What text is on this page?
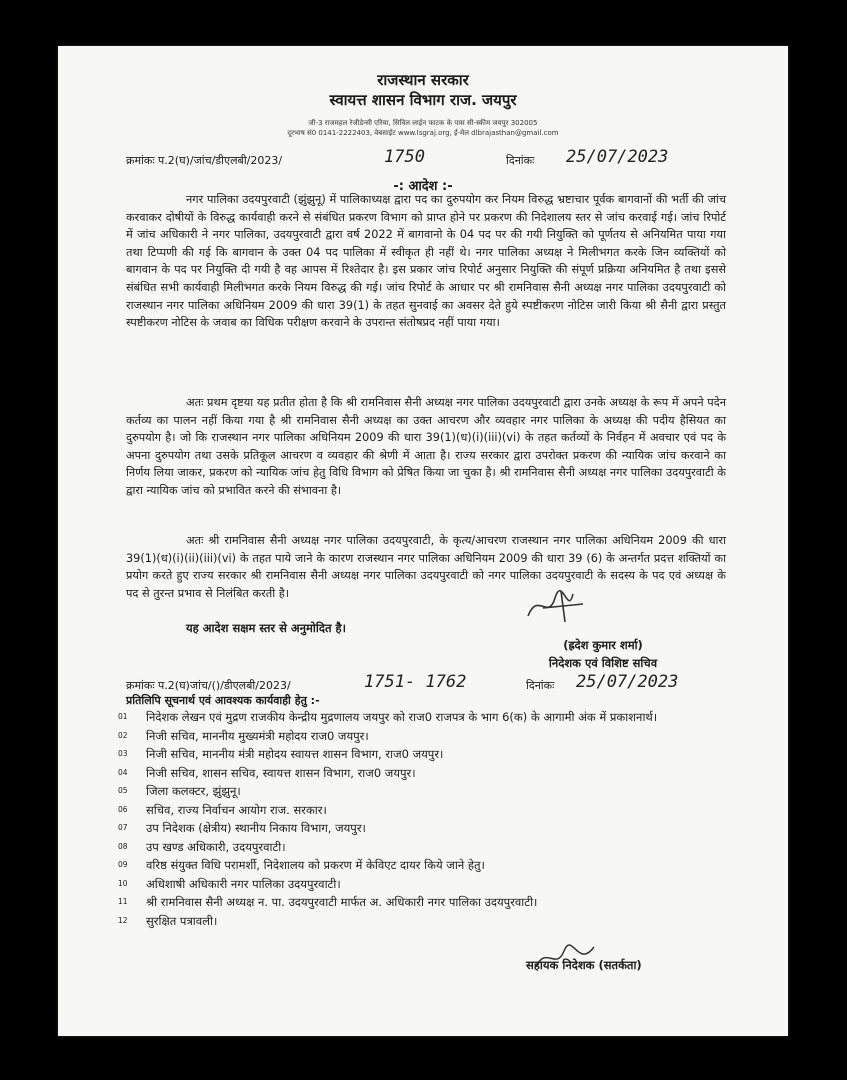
राजस्थान सरकार
स्वायत्त शासन विभाग राज. जयपुर
जी-3 राजमहल रेजीडेन्सी एरिया, सिविल लाईन फाटक के पास सी-स्कीम जयपुर 302005
दूरभाष सं0 0141-2222403, वेबसाईट www.lsgraj.org, ई-मेल dlbrajasthan@gmail.com
क्रमांकः प.2(घ)/जांच/डीएलबी/2023/	1750	दिनांकः 25/07/2023
-: आदेश :-
नगर पालिका उदयपुरवाटी (झुंझुनू) में पालिकाध्यक्ष द्वारा पद का दुरुपयोग कर नियम विरुद्ध भ्रष्टाचार पूर्वक बागवानों की भर्ती की जांच करवाकर दोषीयों के विरुद्ध कार्यवाही करने से संबंधित प्रकरण विभाग को प्राप्त होने पर प्रकरण की निदेशालय स्तर से जांच करवाई गई। जांच रिपोर्ट में जांच अधिकारी ने नगर पालिका, उदयपुरवाटी द्वारा वर्ष 2022 में बागवानो के 04 पद पर की गयी नियुक्ति को पूर्णतय से अनियमित पाया गया तथा टिप्पणी की गई कि बागवान के उक्त 04 पद पालिका में स्वीकृत ही नहीं थे। नगर पालिका अध्यक्ष ने मिलीभगत करके जिन व्यक्तियों को बागवान के पद पर नियुक्ति दी गयी है वह आपस में रिश्तेदार है। इस प्रकार जांच रिपोर्ट अनुसार नियुक्ति की संपूर्ण प्रक्रिया अनियमित है तथा इससे संबंधित सभी कार्यवाही मिलीभगत करके नियम विरुद्ध की गई। जांच रिपोर्ट के आधार पर श्री रामनिवास सैनी अध्यक्ष नगर पालिका उदयपुरवाटी को राजस्थान नगर पालिका अधिनियम 2009 की धारा 39(1) के तहत सुनवाई का अवसर देते हुये स्पष्टीकरण नोटिस जारी किया श्री सैनी द्वारा प्रस्तुत स्पष्टीकरण नोटिस के जवाब का विधिक परीक्षण करवाने के उपरान्त संतोषप्रद नहीं पाया गया।
अतः प्रथम दृष्टया यह प्रतीत होता है कि श्री रामनिवास सैनी अध्यक्ष नगर पालिका उदयपुरवाटी द्वारा उनके अध्यक्ष के रूप में अपने पदेन कर्तव्य का पालन नहीं किया गया है श्री रामनिवास सैनी अध्यक्ष का उक्त आचरण और व्यवहार नगर पालिका के अध्यक्ष की पदीय हैसियत का दुरुपयोग है। जो कि राजस्थान नगर पालिका अधिनियम 2009 की धारा 39(1)(ध)(i)(iii)(vi) के तहत कर्तव्यों के निर्वहन में अवचार एवं पद के अपना दुरुपयोग तथा उसके प्रतिकूल आचरण व व्यवहार की श्रेणी में आता है। राज्य सरकार द्वारा उपरोक्त प्रकरण की न्यायिक जांच करवाने का निर्णय लिया जाकर, प्रकरण को न्यायिक जांच हेतु विधि विभाग को प्रेषित किया जा चुका है। श्री रामनिवास सैनी अध्यक्ष नगर पालिका उदयपुरवाटी के द्वारा न्यायिक जांच को प्रभावित करने की संभावना है।
अतः श्री रामनिवास सैनी अध्यक्ष नगर पालिका उदयपुरवाटी, के कृत्य/आचरण राजस्थान नगर पालिका अधिनियम 2009 की धारा 39(1)(ध)(i)(ii)(iii)(vi) के तहत पाये जाने के कारण राजस्थान नगर पालिका अधिनियम 2009 की धारा 39 (6) के अन्तर्गत प्रदत्त शक्तियों का प्रयोग करते हुए राज्य सरकार श्री रामनिवास सैनी अध्यक्ष नगर पालिका उदयपुरवाटी को नगर पालिका उदयपुरवाटी के सदस्य के पद एवं अध्यक्ष के पद से तुरन्त प्रभाव से निलंबित करती है।
यह आदेश सक्षम स्तर से अनुमोदित है।
(ह्रदेश कुमार शर्मा)
निदेशक एवं विशिष्ट सचिव
क्रमांकः प.2(घ)जांच/()/डीएलबी/2023/	1751- 1762	दिनांकः 25/07/2023
प्रतिलिपि सूचनार्थ एवं आवश्यक कार्यवाही हेतु :-
01 निदेशक लेखन एवं मुद्रण राजकीय केन्द्रीय मुद्रणालय जयपुर को राज0 राजपत्र के भाग 6(क) के आगामी अंक में प्रकाशनार्थ।
02 निजी सचिव, माननीय मुख्यमंत्री महोदय राज0 जयपुर।
03 निजी सचिव, माननीय मंत्री महोदय स्वायत्त शासन विभाग, राज0 जयपुर।
04 निजी सचिव, शासन सचिव, स्वायत्त शासन विभाग, राज0 जयपुर।
05 जिला कलक्टर, झुंझुनू।
06 सचिव, राज्य निर्वाचन आयोग राज. सरकार।
07 उप निदेशक (क्षेत्रीय) स्थानीय निकाय विभाग, जयपुर।
08 उप खण्ड अधिकारी, उदयपुरवाटी।
09 वरिष्ठ संयुक्त विधि परामर्शी, निदेशालय को प्रकरण में केविएट दायर किये जाने हेतु।
10 अधिशाषी अधिकारी नगर पालिका उदयपुरवाटी।
11 श्री रामनिवास सैनी अध्यक्ष न. पा. उदयपुरवाटी मार्फत अ. अधिकारी नगर पालिका उदयपुरवाटी।
12 सुरक्षित पत्रावली।
सहायक निदेशक (सतर्कता)
